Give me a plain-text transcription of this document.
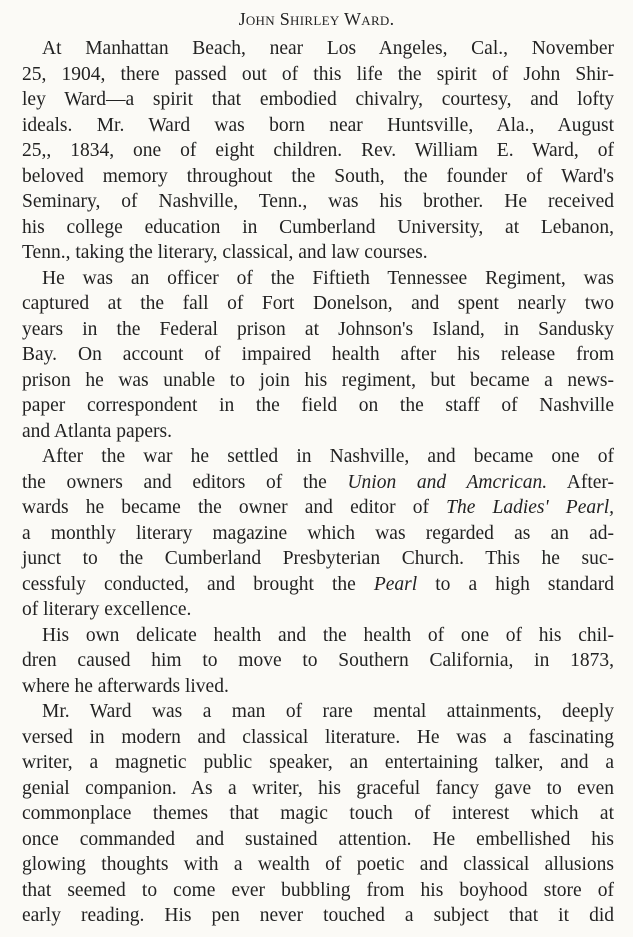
John Shirley Ward.
At Manhattan Beach, near Los Angeles, Cal., November
25, 1904, there passed out of this life the spirit of John Shir-
ley Ward—a spirit that embodied chivalry, courtesy, and lofty
ideals. Mr. Ward was born near Huntsville, Ala., August
25,, 1834, one of eight children. Rev. William E. Ward, of
beloved memory throughout the South, the founder of Ward's
Seminary, of Nashville, Tenn., was his brother. He received
his college education in Cumberland University, at Lebanon,
Tenn., taking the literary, classical, and law courses.
He was an officer of the Fiftieth Tennessee Regiment, was
captured at the fall of Fort Donelson, and spent nearly two
years in the Federal prison at Johnson's Island, in Sandusky
Bay. On account of impaired health after his release from
prison he was unable to join his regiment, but became a news-
paper correspondent in the field on the staff of Nashville
and Atlanta papers.
After the war he settled in Nashville, and became one of
the owners and editors of the Union and Amcrican. After-
wards he became the owner and editor of The Ladies' Pearl,
a monthly literary magazine which was regarded as an ad-
junct to the Cumberland Presbyterian Church. This he suc-
cessfuly conducted, and brought the Pearl to a high standard
of literary excellence.
His own delicate health and the health of one of his chil-
dren caused him to move to Southern California, in 1873,
where he afterwards lived.
Mr. Ward was a man of rare mental attainments, deeply
versed in modern and classical literature. He was a fascinating
writer, a magnetic public speaker, an entertaining talker, and a
genial companion. As a writer, his graceful fancy gave to even
commonplace themes that magic touch of interest which at
once commanded and sustained attention. He embellished his
glowing thoughts with a wealth of poetic and classical allusions
that seemed to come ever bubbling from his boyhood store of
early reading. His pen never touched a subject that it did
